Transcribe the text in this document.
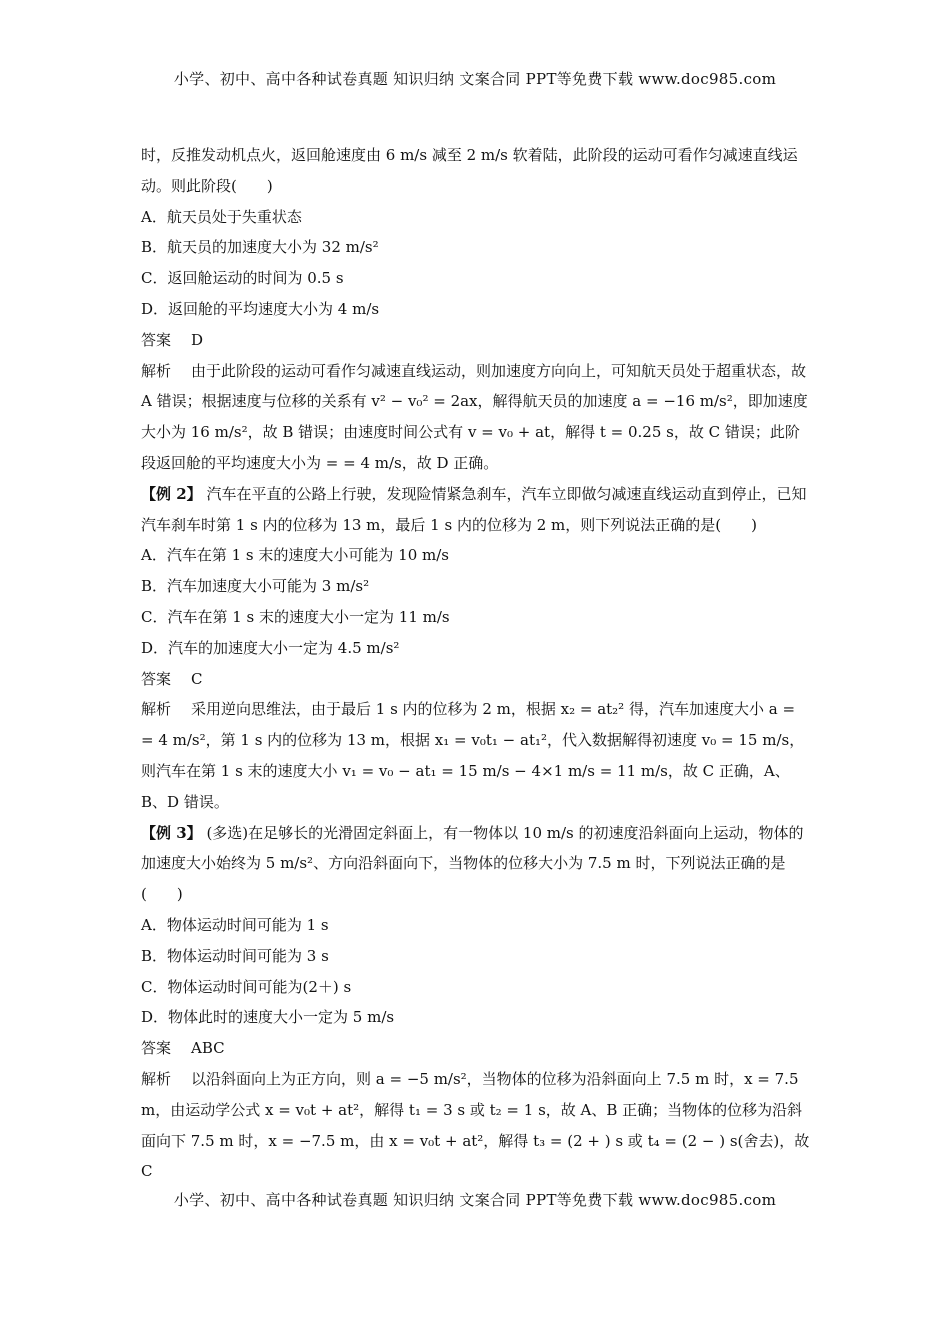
小学、初中、高中各种试卷真题 知识归纳 文案合同 PPT等免费下载 www.doc985.com

时，反推发动机点火，返回舱速度由 6 m/s 减至 2 m/s 软着陆，此阶段的运动可看作匀减速直线运动。则此阶段(　　)

A．航天员处于失重状态

B．航天员的加速度大小为 32 m/s²

C．返回舱运动的时间为 0.5 s

D．返回舱的平均速度大小为 4 m/s

答案 D

解析 由于此阶段的运动可看作匀减速直线运动，则加速度方向向上，可知航天员处于超重状态，故 A 错误；根据速度与位移的关系有 v² − v₀² = 2ax，解得航天员的加速度 a = −16 m/s²，即加速度大小为 16 m/s²，故 B 错误；由速度时间公式有 v = v₀ + at，解得 t = 0.25 s，故 C 错误；此阶段返回舱的平均速度大小为 = = 4 m/s，故 D 正确。

【例 2】 汽车在平直的公路上行驶，发现险情紧急刹车，汽车立即做匀减速直线运动直到停止，已知汽车刹车时第 1 s 内的位移为 13 m，最后 1 s 内的位移为 2 m，则下列说法正确的是(　　)

A．汽车在第 1 s 末的速度大小可能为 10 m/s

B．汽车加速度大小可能为 3 m/s²

C．汽车在第 1 s 末的速度大小一定为 11 m/s

D．汽车的加速度大小一定为 4.5 m/s²

答案 C

解析 采用逆向思维法，由于最后 1 s 内的位移为 2 m，根据 x₂ = at₂² 得，汽车加速度大小 a = = 4 m/s²，第 1 s 内的位移为 13 m，根据 x₁ = v₀t₁ − at₁²，代入数据解得初速度 v₀ = 15 m/s，则汽车在第 1 s 末的速度大小 v₁ = v₀ − at₁ = 15 m/s − 4×1 m/s = 11 m/s，故 C 正确，A、B、D 错误。

【例 3】 (多选)在足够长的光滑固定斜面上，有一物体以 10 m/s 的初速度沿斜面向上运动，物体的加速度大小始终为 5 m/s²、方向沿斜面向下，当物体的位移大小为 7.5 m 时，下列说法正确的是(　　)

A．物体运动时间可能为 1 s

B．物体运动时间可能为 3 s

C．物体运动时间可能为(2＋) s

D．物体此时的速度大小一定为 5 m/s

答案 ABC

解析 以沿斜面向上为正方向，则 a = −5 m/s²，当物体的位移为沿斜面向上 7.5 m 时，x = 7.5 m，由运动学公式 x = v₀t + at²，解得 t₁ = 3 s 或 t₂ = 1 s，故 A、B 正确；当物体的位移为沿斜面向下 7.5 m 时，x = −7.5 m，由 x = v₀t + at²，解得 t₃ = (2 + ) s 或 t₄ = (2 − ) s(舍去)，故 C

小学、初中、高中各种试卷真题 知识归纳 文案合同 PPT等免费下载 www.doc985.com
